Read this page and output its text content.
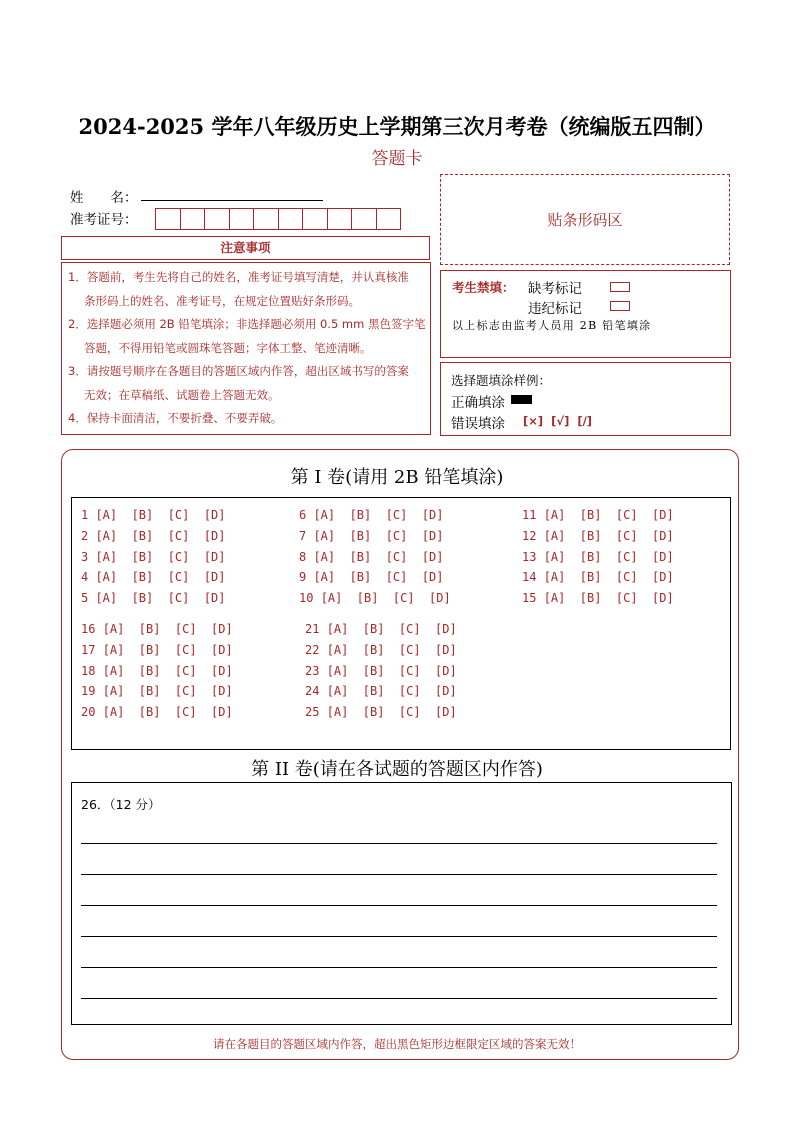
2024-2025 学年八年级历史上学期第三次月考卷（统编版五四制）
答题卡
姓　　名：
准考证号：	贴条形码区
注意事项

1．答题前，考生先将自己的姓名，准考证号填写清楚，并认真核准

条形码上的姓名、准考证号，在规定位置贴好条形码。

2．选择题必须用 2B 铅笔填涂；非选择题必须用 0.5 mm 黑色签字笔

答题，不得用铅笔或圆珠笔答题；字体工整、笔迹清晰。

3．请按题号顺序在各题目的答题区域内作答，超出区域书写的答案

无效；在草稿纸、试题卷上答题无效。

4．保持卡面清洁，不要折叠、不要弄破。

考生禁填： 缺考标记
违纪标记
以上标志由监考人员用 2B 铅笔填涂
选择题填涂样例：
正确填涂
错误填涂 [×]  [√]  [/]
第 I 卷(请用 2B 铅笔填涂)
1 [A]  [B]  [C]  [D]
2 [A]  [B]  [C]  [D]
3 [A]  [B]  [C]  [D]
4 [A]  [B]  [C]  [D]
5 [A]  [B]  [C]  [D]
6 [A]  [B]  [C]  [D]
7 [A]  [B]  [C]  [D]
8 [A]  [B]  [C]  [D]
9 [A]  [B]  [C]  [D]
10 [A]  [B]  [C]  [D]
11 [A]  [B]  [C]  [D]
12 [A]  [B]  [C]  [D]
13 [A]  [B]  [C]  [D]
14 [A]  [B]  [C]  [D]
15 [A]  [B]  [C]  [D]
16 [A]  [B]  [C]  [D]
17 [A]  [B]  [C]  [D]
18 [A]  [B]  [C]  [D]
19 [A]  [B]  [C]  [D]
20 [A]  [B]  [C]  [D]
21 [A]  [B]  [C]  [D]
22 [A]  [B]  [C]  [D]
23 [A]  [B]  [C]  [D]
24 [A]  [B]  [C]  [D]
25 [A]  [B]  [C]  [D]
第 II 卷(请在各试题的答题区内作答)
26．（12 分）
请在各题目的答题区域内作答，超出黑色矩形边框限定区域的答案无效！
